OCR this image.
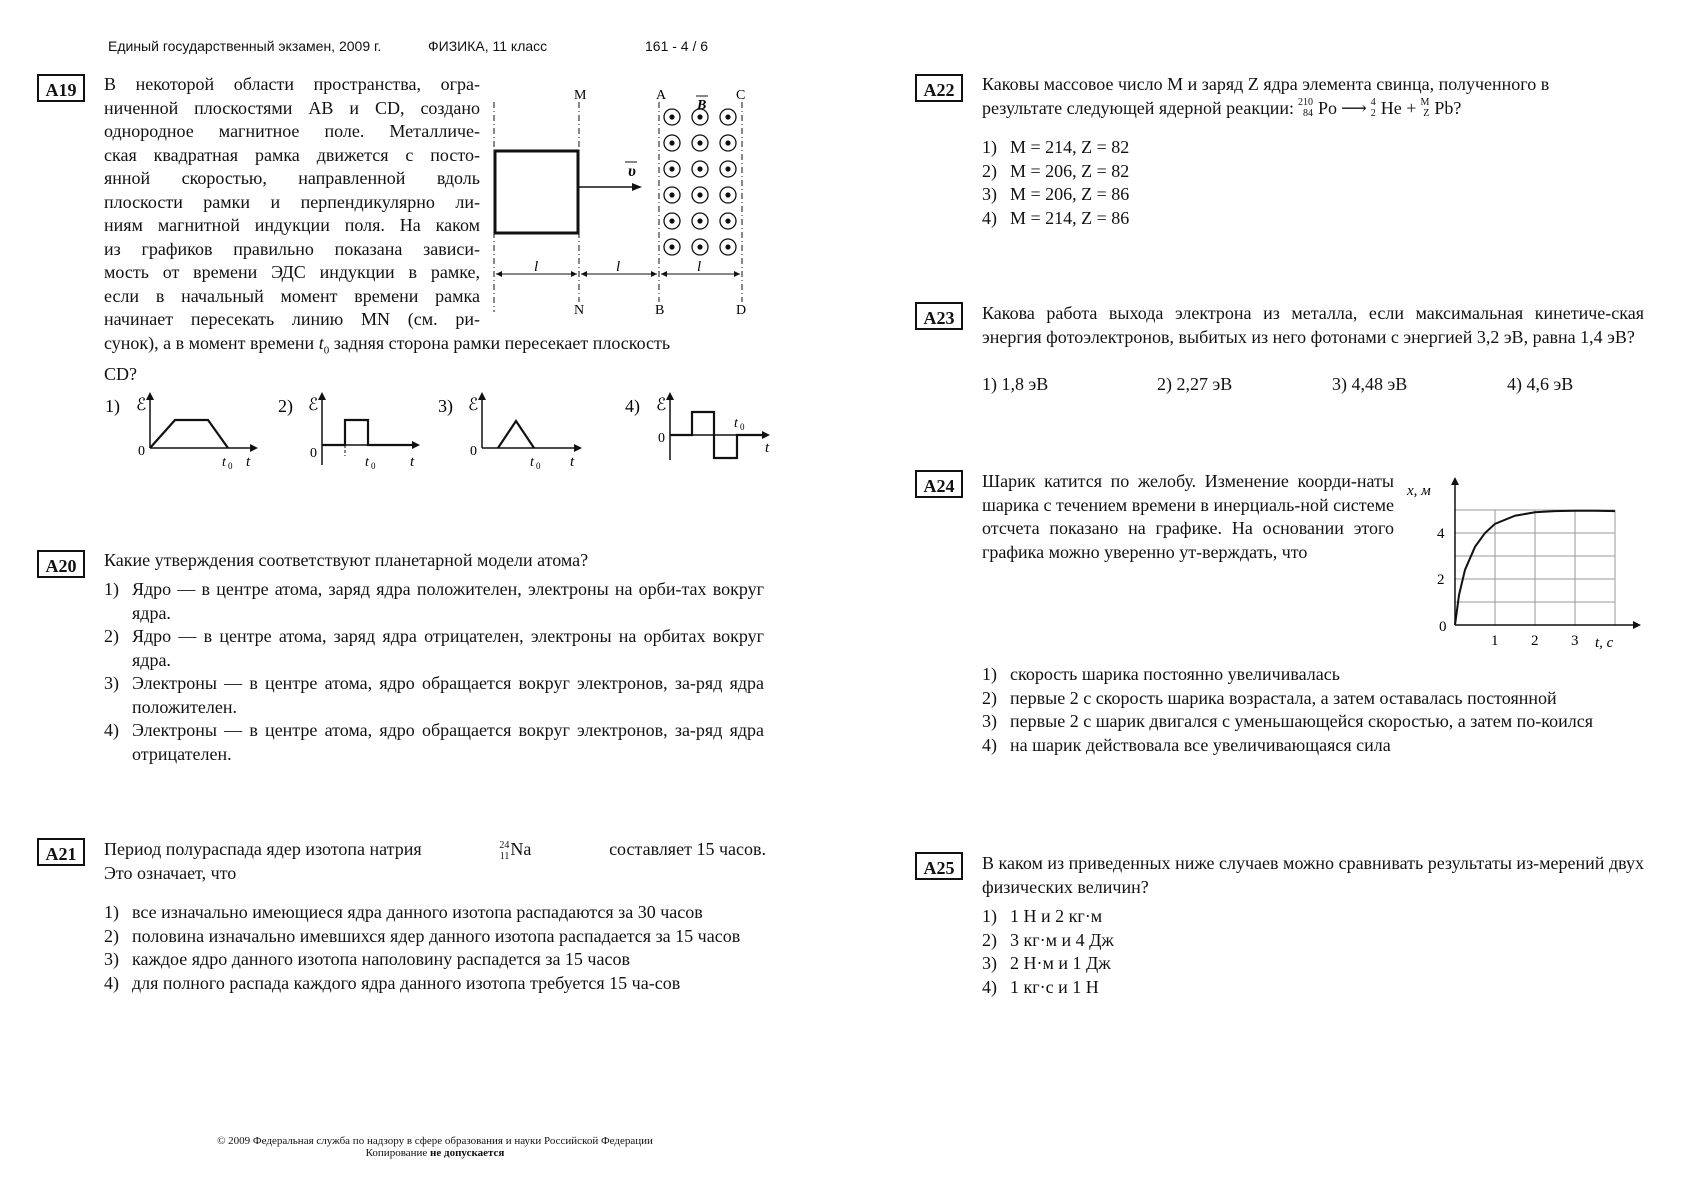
Единый государственный экзамен, 2009 г.	ФИЗИКА, 11 класс	161 - 4 / 6
A19	В некоторой области пространства, огра-
ниченной плоскостями AB и CD, создано
однородное магнитное поле. Металличе-
ская квадратная рамка движется с посто-
янной скоростью, направленной вдоль
плоскости рамки и перпендикулярно ли-
ниям магнитной индукции поля. На каком
из графиков правильно показана зависи-
мость от времени ЭДС индукции в рамке,
если в начальный момент времени рамка
начинает пересекать линию MN (см. ри-

сунок), а в момент времени $t_0$ задняя сторона рамки пересекает плоскость

CD?

M
N
A
B
C
D
B
υ
l	l	l
1) ℰ
0
t
t 0
2) ℰ
0
t
t 0
3) ℰ
0
t
t 0
4) ℰ
0
t
t 0
A20	Какие утверждения соответствуют планетарной модели атома?
1) Ядро — в центре атома, заряд ядра положителен, электроны на орби-тах вокруг ядра.
2) Ядро — в центре атома, заряд ядра отрицателен, электроны на орбитах вокруг ядра.
3) Электроны — в центре атома, ядро обращается вокруг электронов, за-ряд ядра положителен.
4) Электроны — в центре атома, ядро обращается вокруг электронов, за-ряд ядра отрицателен.
A21	Период полураспада ядер изотопа натрия	24
11 Na	составляет 15 часов.

Это означает, что

1) все изначально имеющиеся ядра данного изотопа распадаются за 30 часов
2) половина изначально имевшихся ядер данного изотопа распадается за 15 часов
3) каждое ядро данного изотопа наполовину распадется за 15 часов
4) для полного распада каждого ядра данного изотопа требуется 15 ча-сов
A22	Каковы массовое число M и заряд Z ядра элемента свинца, полученного в

результате следующей ядерной реакции: 210
84 Po ⟶ 4
2 He + M
Z Pb?

1) M = 214, Z = 82
2) M = 206, Z = 82
3) M = 206, Z = 86
4) M = 214, Z = 86
A23	Какова работа выхода электрона из металла, если максимальная кинетиче-ская энергия фотоэлектронов, выбитых из него фотонами с энергией 3,2 эВ, равна 1,4 эВ?
1) 1,8 эВ	2) 2,27 эВ	3) 4,48 эВ	4) 4,6 эВ
A24	Шарик катится по желобу. Изменение коорди-наты шарика с течением времени в инерциаль-ной системе отсчета показано на графике. На основании этого графика можно уверенно ут-верждать, что
1 2 3
2
4
0
t, с
x, м
1) скорость шарика постоянно увеличивалась
2) первые 2 с скорость шарика возрастала, а затем оставалась постоянной
3) первые 2 с шарик двигался с уменьшающейся скоростью, а затем по-коился
4) на шарик действовала все увеличивающаяся сила
A25	В каком из приведенных ниже случаев можно сравнивать результаты из-мерений двух физических величин?
1) 1 Н и 2 кг·м
2) 3 кг·м и 4 Дж
3) 2 Н·м и 1 Дж
4) 1 кг·с и 1 Н
© 2009 Федеральная служба по надзору в сфере образования и науки Российской Федерации
Копирование не допускается
